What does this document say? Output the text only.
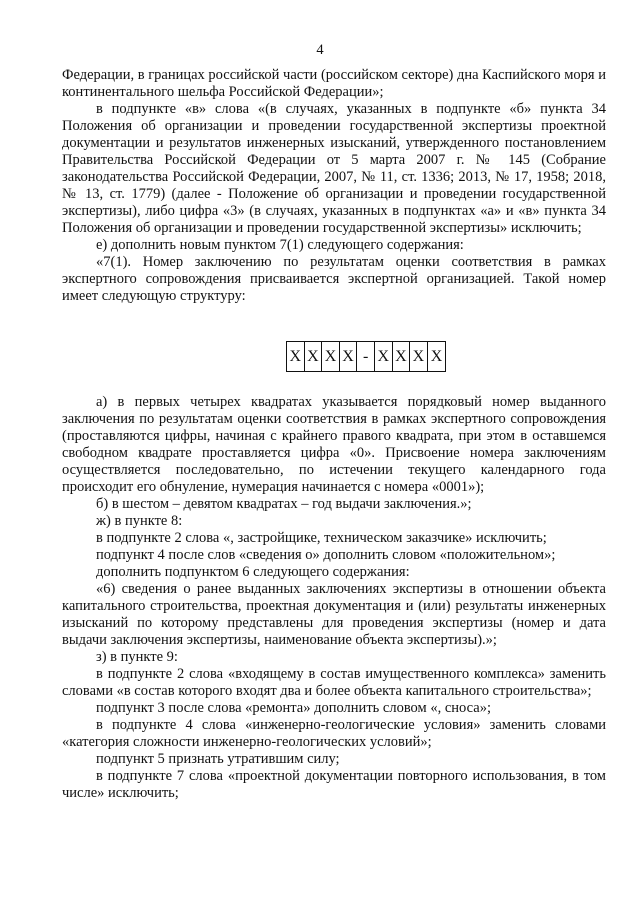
4

Федерации, в границах российской части (российском секторе) дна Каспийского моря и континентального шельфа Российской Федерации»;

в подпункте «в» слова «(в случаях, указанных в подпункте «б» пункта 34 Положения об организации и проведении государственной экспертизы проектной документации и результатов инженерных изысканий, утвержденного постановлением Правительства Российской Федерации от 5 марта 2007 г. № 145 (Собрание законодательства Российской Федерации, 2007, № 11, ст. 1336; 2013, № 17, 1958; 2018, № 13, ст. 1779) (далее - Положение об организации и проведении государственной экспертизы), либо цифра «3» (в случаях, указанных в подпунктах «а» и «в» пункта 34 Положения об организации и проведении государственной экспертизы» исключить;

е) дополнить новым пунктом 7(1) следующего содержания:

«7(1). Номер заключению по результатам оценки соответствия в рамках экспертного сопровождения присваивается экспертной организацией. Такой номер имеет следующую структуру:

X X X X - X X X X

а) в первых четырех квадратах указывается порядковый номер выданного заключения по результатам оценки соответствия в рамках экспертного сопровождения (проставляются цифры, начиная с крайнего правого квадрата, при этом в оставшемся свободном квадрате проставляется цифра «0». Присвоение номера заключениям осуществляется последовательно, по истечении текущего календарного года происходит его обнуление, нумерация начинается с номера «0001»);

б) в шестом – девятом квадратах – год выдачи заключения.»;

ж) в пункте 8:

в подпункте 2 слова «, застройщике, техническом заказчике» исключить;

подпункт 4 после слов «сведения о» дополнить словом «положительном»;

дополнить подпунктом 6 следующего содержания:

«6) сведения о ранее выданных заключениях экспертизы в отношении объекта капитального строительства, проектная документация и (или) результаты инженерных изысканий по которому представлены для проведения экспертизы (номер и дата выдачи заключения экспертизы, наименование объекта экспертизы).»;

з) в пункте 9:

в подпункте 2 слова «входящему в состав имущественного комплекса» заменить словами «в состав которого входят два и более объекта капитального строительства»;

подпункт 3 после слова «ремонта» дополнить словом «, сноса»;

в подпункте 4 слова «инженерно-геологические условия» заменить словами «категория сложности инженерно-геологических условий»;

подпункт 5 признать утратившим силу;

в подпункте 7 слова «проектной документации повторного использования, в том числе» исключить;
